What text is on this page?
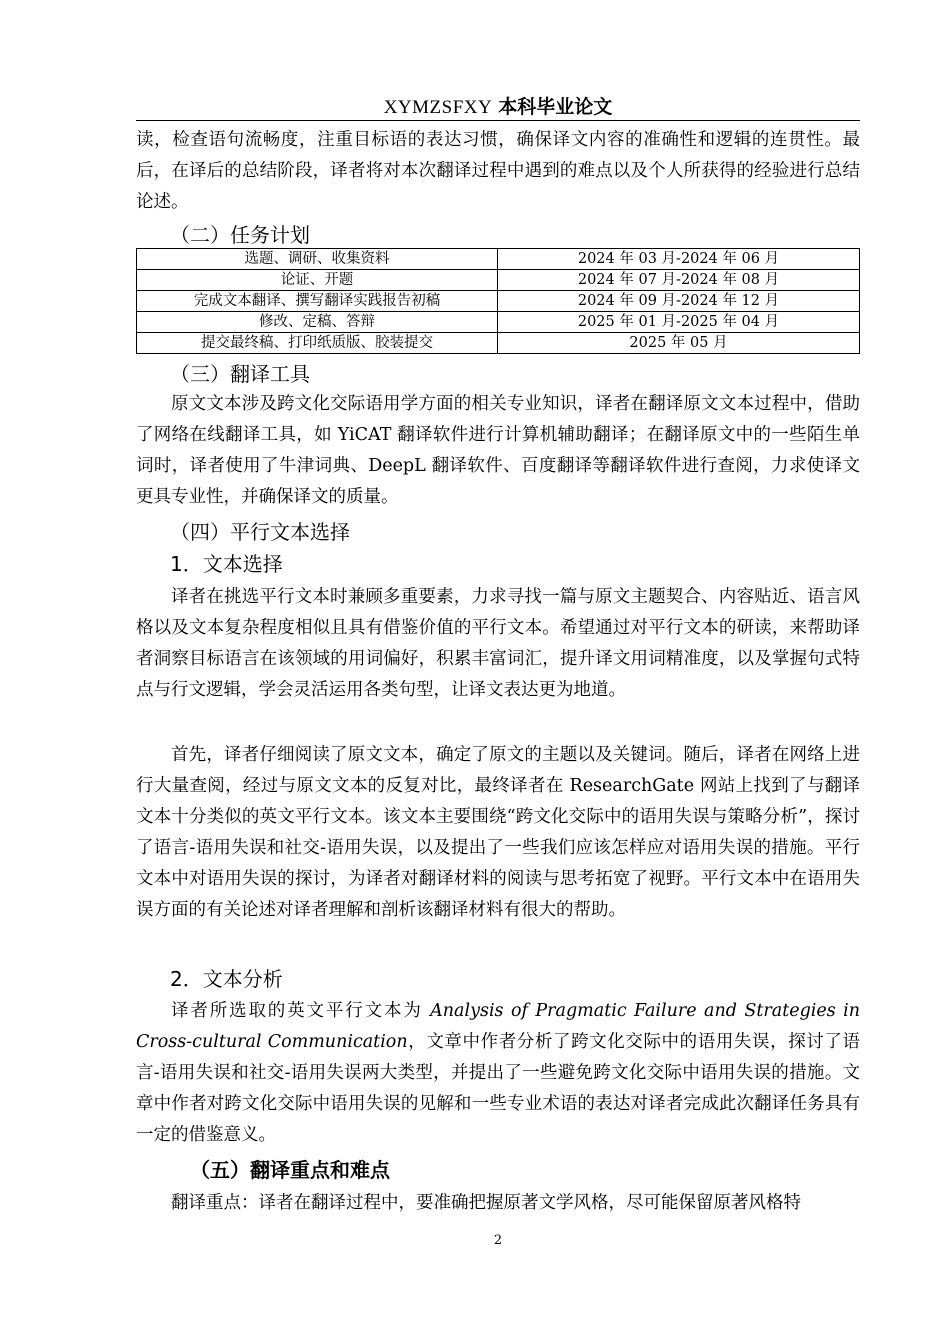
XYMZSFXY 本科毕业论文

读，检查语句流畅度，注重目标语的表达习惯，确保译文内容的准确性和逻辑的连贯性。最后，在译后的总结阶段，译者将对本次翻译过程中遇到的难点以及个人所获得的经验进行总结论述。

（二）任务计划
选题、调研、收集资料	2024 年 03 月-2024 年 06 月
论证、开题	2024 年 07 月-2024 年 08 月
完成文本翻译、撰写翻译实践报告初稿	2024 年 09 月-2024 年 12 月
修改、定稿、答辩	2025 年 01 月-2025 年 04 月
提交最终稿、打印纸质版、胶装提交	2025 年 05 月
（三）翻译工具

原文文本涉及跨文化交际语用学方面的相关专业知识，译者在翻译原文文本过程中，借助了网络在线翻译工具，如 YiCAT 翻译软件进行计算机辅助翻译；在翻译原文中的一些陌生单词时，译者使用了牛津词典、DeepL 翻译软件、百度翻译等翻译软件进行查阅，力求使译文更具专业性，并确保译文的质量。

（四）平行文本选择
1．文本选择

译者在挑选平行文本时兼顾多重要素，力求寻找一篇与原文主题契合、内容贴近、语言风格以及文本复杂程度相似且具有借鉴价值的平行文本。希望通过对平行文本的研读，来帮助译者洞察目标语言在该领域的用词偏好，积累丰富词汇，提升译文用词精准度，以及掌握句式特点与行文逻辑，学会灵活运用各类句型，让译文表达更为地道。

首先，译者仔细阅读了原文文本，确定了原文的主题以及关键词。随后，译者在网络上进行大量查阅，经过与原文文本的反复对比，最终译者在 ResearchGate 网站上找到了与翻译文本十分类似的英文平行文本。该文本主要围绕“跨文化交际中的语用失误与策略分析”，探讨了语言-语用失误和社交-语用失误，以及提出了一些我们应该怎样应对语用失误的措施。平行文本中对语用失误的探讨，为译者对翻译材料的阅读与思考拓宽了视野。平行文本中在语用失误方面的有关论述对译者理解和剖析该翻译材料有很大的帮助。

2．文本分析

译者所选取的英文平行文本为 Analysis of Pragmatic Failure and Strategies in Cross-cultural Communication，文章中作者分析了跨文化交际中的语用失误，探讨了语言-语用失误和社交-语用失误两大类型，并提出了一些避免跨文化交际中语用失误的措施。文章中作者对跨文化交际中语用失误的见解和一些专业术语的表达对译者完成此次翻译任务具有一定的借鉴意义。

（五）翻译重点和难点

翻译重点：译者在翻译过程中，要准确把握原著文学风格，尽可能保留原著风格特

2
